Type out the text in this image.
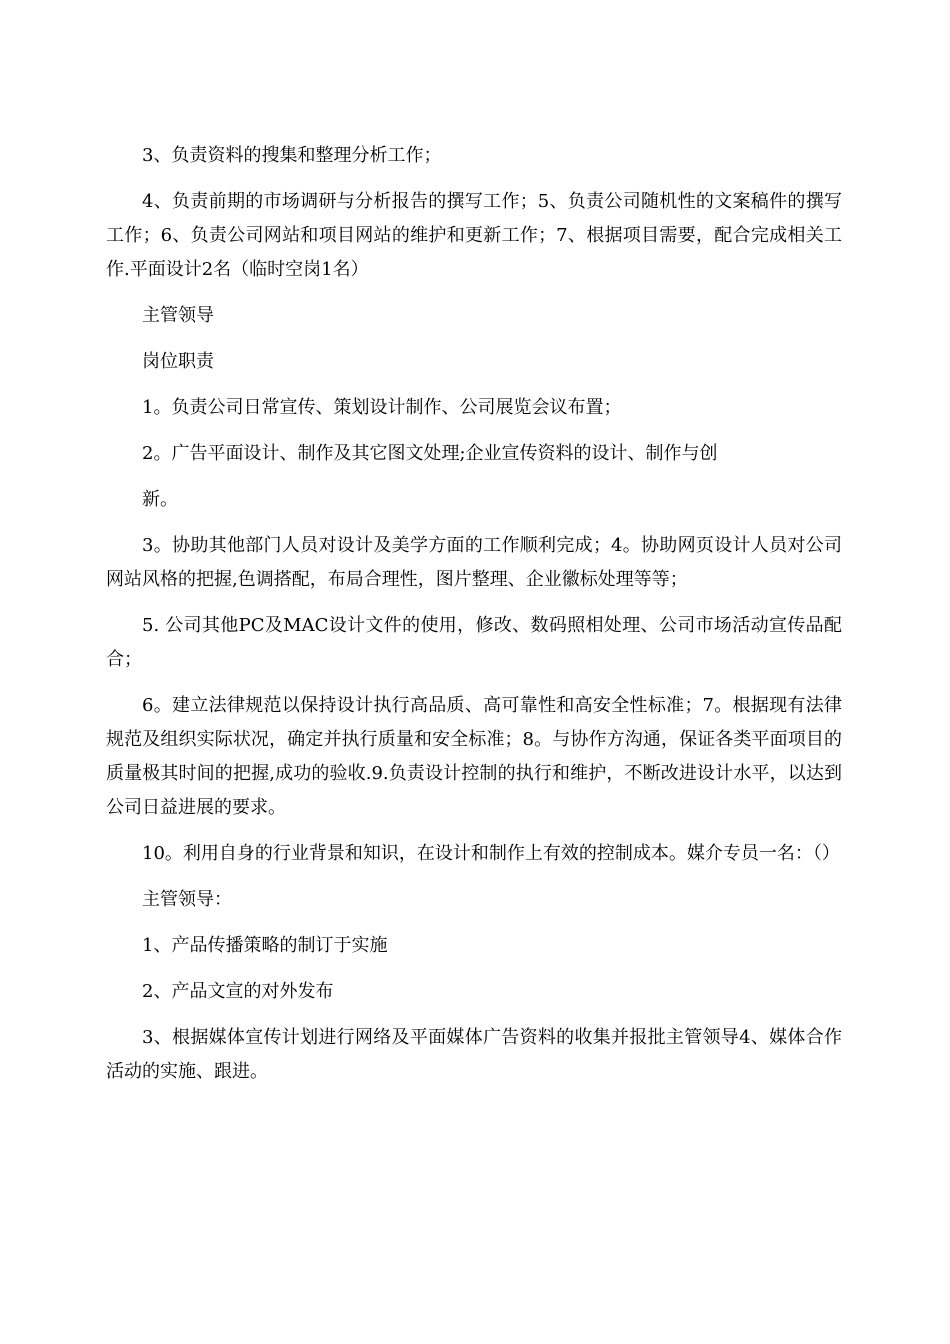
3、负责资料的搜集和整理分析工作；

4、负责前期的市场调研与分析报告的撰写工作；5、负责公司随机性的文案稿件的撰写工作；6、负责公司网站和项目网站的维护和更新工作；7、根据项目需要，配合完成相关工作.平面设计2名（临时空岗1名）

主管领导

岗位职责

1。负责公司日常宣传、策划设计制作、公司展览会议布置；

2。广告平面设计、制作及其它图文处理;企业宣传资料的设计、制作与创

新。

3。协助其他部门人员对设计及美学方面的工作顺利完成；4。协助网页设计人员对公司网站风格的把握,色调搭配，布局合理性，图片整理、企业徽标处理等等；

5. 公司其他PC及MAC设计文件的使用，修改、数码照相处理、公司市场活动宣传品配合；

6。建立法律规范以保持设计执行高品质、高可靠性和高安全性标准；7。根据现有法律规范及组织实际状况，确定并执行质量和安全标准；8。与协作方沟通，保证各类平面项目的质量极其时间的把握,成功的验收.9.负责设计控制的执行和维护，不断改进设计水平，以达到公司日益进展的要求。

10。利用自身的行业背景和知识，在设计和制作上有效的控制成本。媒介专员一名：（）

主管领导：

1、产品传播策略的制订于实施

2、产品文宣的对外发布

3、根据媒体宣传计划进行网络及平面媒体广告资料的收集并报批主管领导4、媒体合作活动的实施、跟进。
